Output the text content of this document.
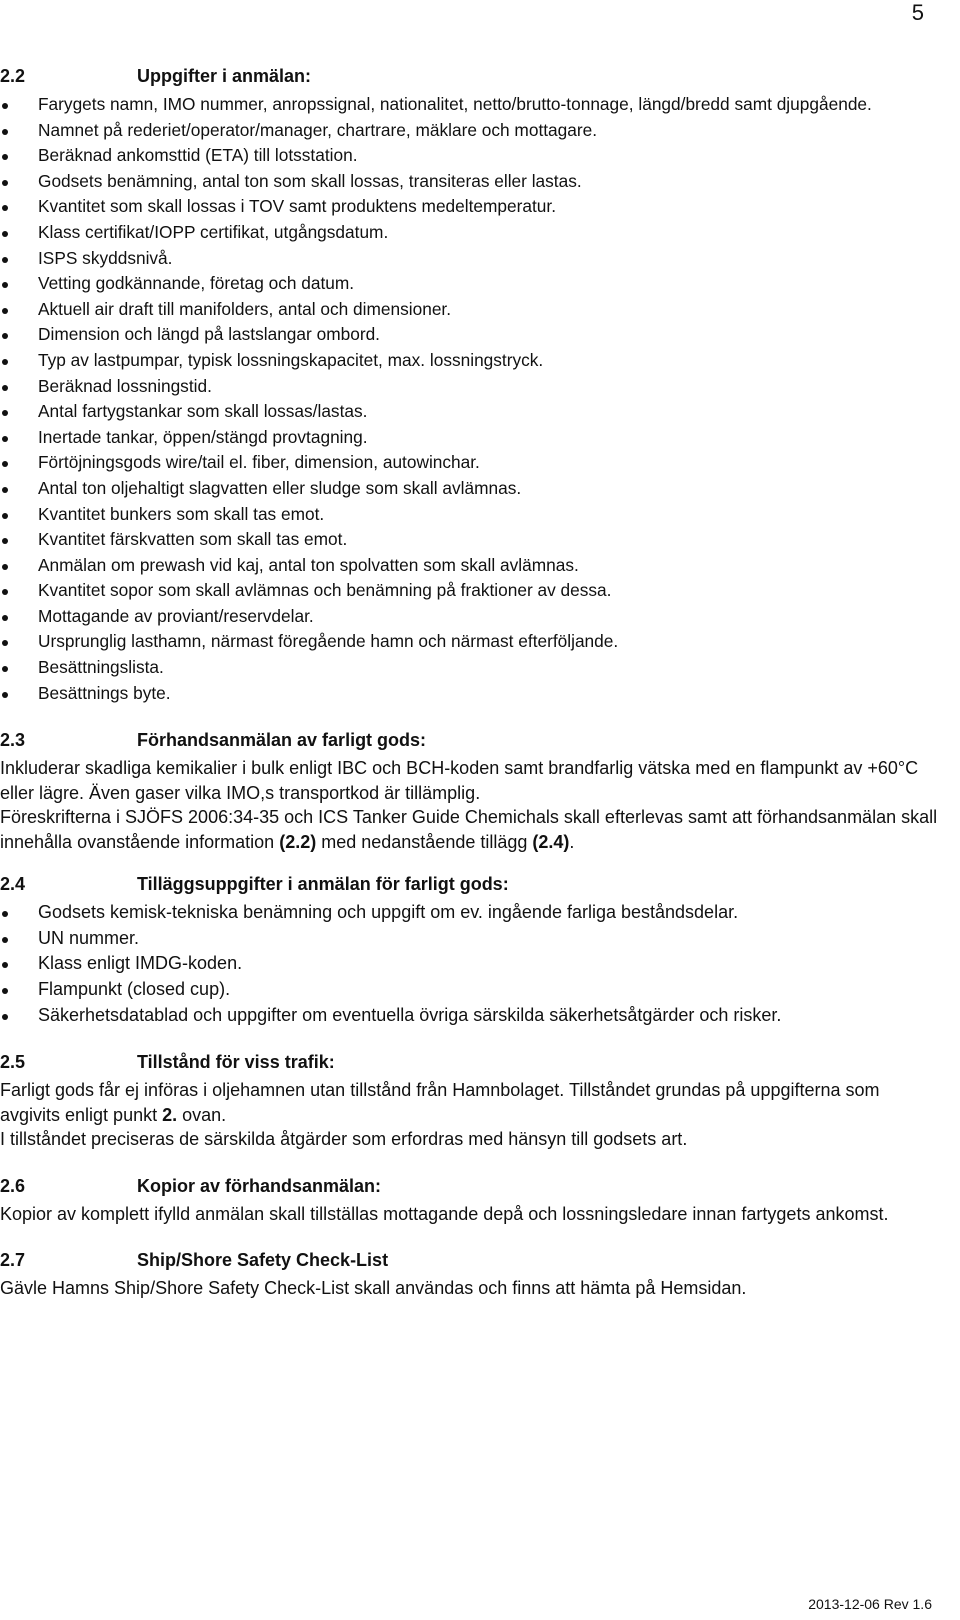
5
2.2	Uppgifter i anmälan:
Farygets namn, IMO nummer, anropssignal, nationalitet, netto/brutto-tonnage, längd/bredd samt djupgående.
Namnet på rederiet/operator/manager, chartrare, mäklare och mottagare.
Beräknad ankomsttid (ETA) till lotsstation.
Godsets benämning, antal ton som skall lossas, transiteras eller lastas.
Kvantitet som skall lossas i TOV samt produktens medeltemperatur.
Klass certifikat/IOPP certifikat, utgångsdatum.
ISPS skyddsnivå.
Vetting godkännande, företag och datum.
Aktuell air draft till manifolders, antal och dimensioner.
Dimension och längd på lastslangar ombord.
Typ av lastpumpar, typisk lossningskapacitet, max. lossningstryck.
Beräknad lossningstid.
Antal fartygstankar som skall lossas/lastas.
Inertade tankar, öppen/stängd provtagning.
Förtöjningsgods wire/tail el. fiber, dimension, autowinchar.
Antal ton oljehaltigt slagvatten eller sludge som skall avlämnas.
Kvantitet bunkers som skall tas emot.
Kvantitet färskvatten som skall tas emot.
Anmälan om prewash vid kaj, antal ton spolvatten som skall avlämnas.
Kvantitet sopor som skall avlämnas och benämning på fraktioner av dessa.
Mottagande av proviant/reservdelar.
Ursprunglig lasthamn, närmast föregående hamn och närmast efterföljande.
Besättningslista.
Besättnings byte.
2.3	Förhandsanmälan av farligt gods:

Inkluderar skadliga kemikalier i bulk enligt IBC och BCH-koden samt brandfarlig vätska med en flampunkt av +60°C eller lägre. Även gaser vilka IMO,s transportkod är tillämplig.

Föreskrifterna i SJÖFS 2006:34-35 och ICS Tanker Guide Chemichals skall efterlevas samt att förhandsanmälan skall innehålla ovanstående information (2.2) med nedanstående tillägg (2.4).

2.4	Tilläggsuppgifter i anmälan för farligt gods:
Godsets kemisk-tekniska benämning och uppgift om ev. ingående farliga beståndsdelar.
UN nummer.
Klass enligt IMDG-koden.
Flampunkt (closed cup).
Säkerhetsdatablad och uppgifter om eventuella övriga särskilda säkerhetsåtgärder och risker.
2.5	Tillstånd för viss trafik:

Farligt gods får ej införas i oljehamnen utan tillstånd från Hamnbolaget. Tillståndet grundas på uppgifterna som avgivits enligt punkt 2. ovan.

I tillståndet preciseras de särskilda åtgärder som erfordras med hänsyn till godsets art.

2.6	Kopior av förhandsanmälan:

Kopior av komplett ifylld anmälan skall tillställas mottagande depå och lossningsledare innan fartygets ankomst.

2.7	Ship/Shore Safety Check-List

Gävle Hamns Ship/Shore Safety Check-List skall användas och finns att hämta på Hemsidan.

2013-12-06 Rev 1.6
